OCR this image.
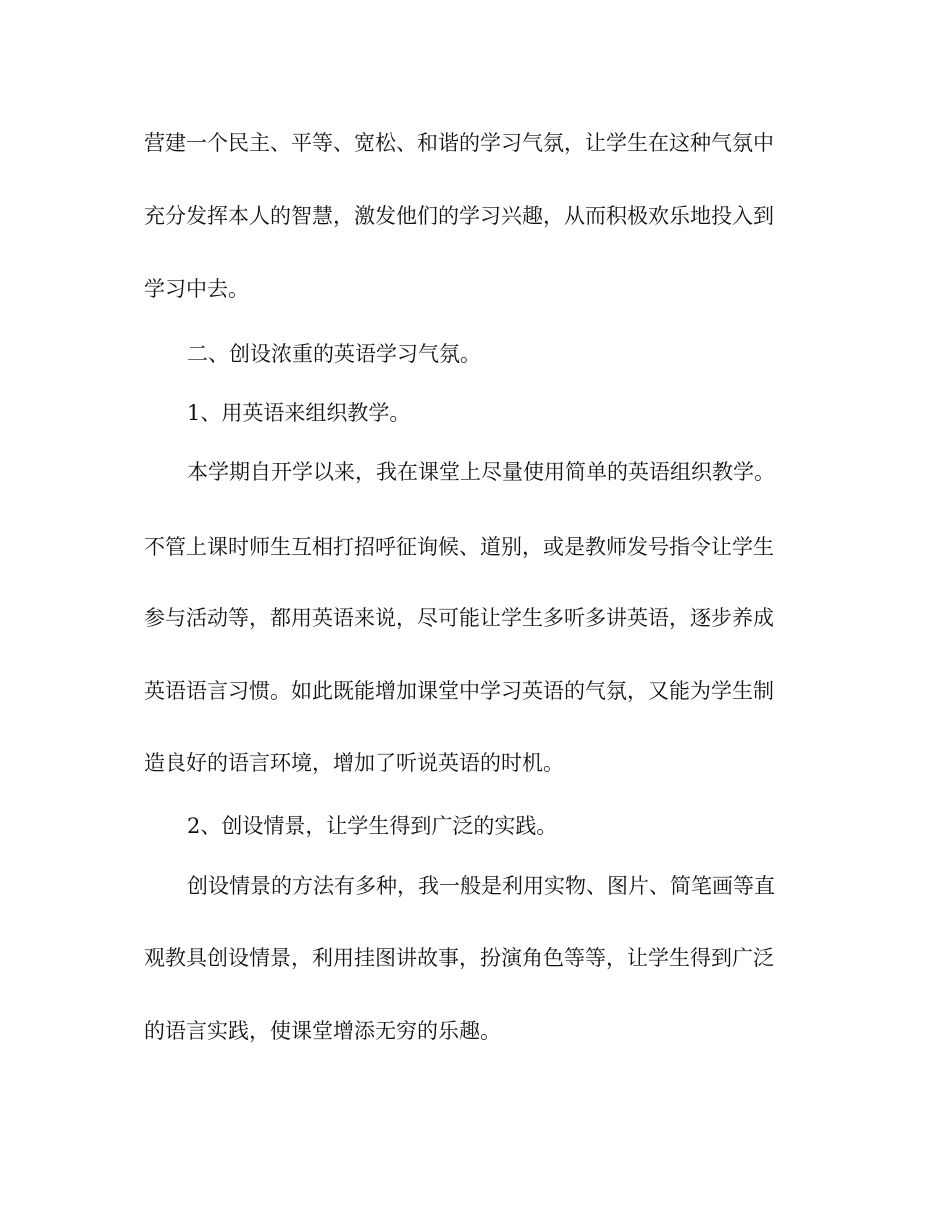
营建一个民主、平等、宽松、和谐的学习气氛，让学生在这种气氛中
充分发挥本人的智慧，激发他们的学习兴趣，从而积极欢乐地投入到
学习中去。
二、创设浓重的英语学习气氛。
1、用英语来组织教学。
本学期自开学以来，我在课堂上尽量使用简单的英语组织教学。
不管上课时师生互相打招呼征询候、道别，或是教师发号指令让学生
参与活动等，都用英语来说，尽可能让学生多听多讲英语，逐步养成
英语语言习惯。如此既能增加课堂中学习英语的气氛，又能为学生制
造良好的语言环境，增加了听说英语的时机。
2、创设情景，让学生得到广泛的实践。
创设情景的方法有多种，我一般是利用实物、图片、简笔画等直
观教具创设情景，利用挂图讲故事，扮演角色等等，让学生得到广泛
的语言实践，使课堂增添无穷的乐趣。
